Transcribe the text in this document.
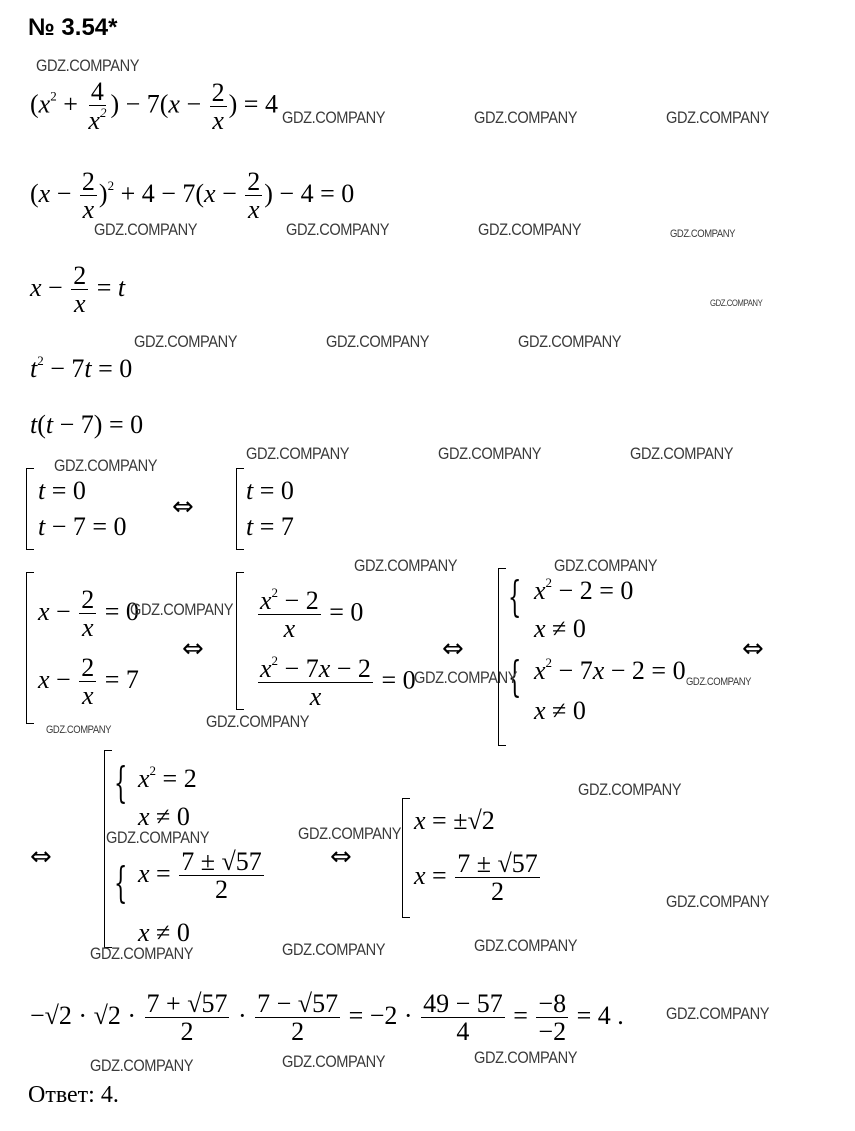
№ 3.54*
($x^2 + \frac{4}{x^2}$ ) − $7(x - \frac{2}{x}$ ) = 4
$(x - \frac{2}{x} )^2 + 4 - 7(x - \frac{2}{x}$ ) − 4 = 0
$x - \frac{2}{x} = t$
$t^2 - 7t = 0$
t(t − 7) = 0
t = 0
t − 7 = 0
⇔
t = 0
t = 7
$x - \frac{2}{x} = 0$
$x - \frac{2}{x} = 7$
⇔
$\frac{x^2 - 2}{x} = 0$
$\frac{x^2 - 7x - 2}{x} = 0$
⇔
{ $x^2 - 2 = 0$
x ≠ 0
{ $x^2 - 7x - 2 = 0$
x ≠ 0
⇔
⇔
{ $x^2 = 2$
x ≠ 0
{ $x = \frac{7 \pm √57}{2}$
x ≠ 0
⇔
x = ±√2
$x = \frac{7 \pm √57}{2}$
$-√2 \cdot √2 \cdot \frac{7 + √57}{2} \cdot \frac{7 - √57}{2} = -2 \cdot \frac{49 - 57}{4} = \frac{-8}{-2} = 4$ .
Ответ: 4.
GDZ.COMPANY
GDZ.COMPANY	GDZ.COMPANY	GDZ.COMPANY
GDZ.COMPANY	GDZ.COMPANY	GDZ.COMPANY	GDZ.COMPANY
GDZ.COMPANY
GDZ.COMPANY	GDZ.COMPANY	GDZ.COMPANY
GDZ.COMPANY	GDZ.COMPANY	GDZ.COMPANY
GDZ.COMPANY
GDZ.COMPANY	GDZ.COMPANY
GDZ.COMPANY
GDZ.COMPANY	GDZ.COMPANY
GDZ.COMPANY
GDZ.COMPANY
GDZ.COMPANY
GDZ.COMPANY	GDZ.COMPANY
GDZ.COMPANY
GDZ.COMPANY	GDZ.COMPANY	GDZ.COMPANY
GDZ.COMPANY
GDZ.COMPANY	GDZ.COMPANY	GDZ.COMPANY
